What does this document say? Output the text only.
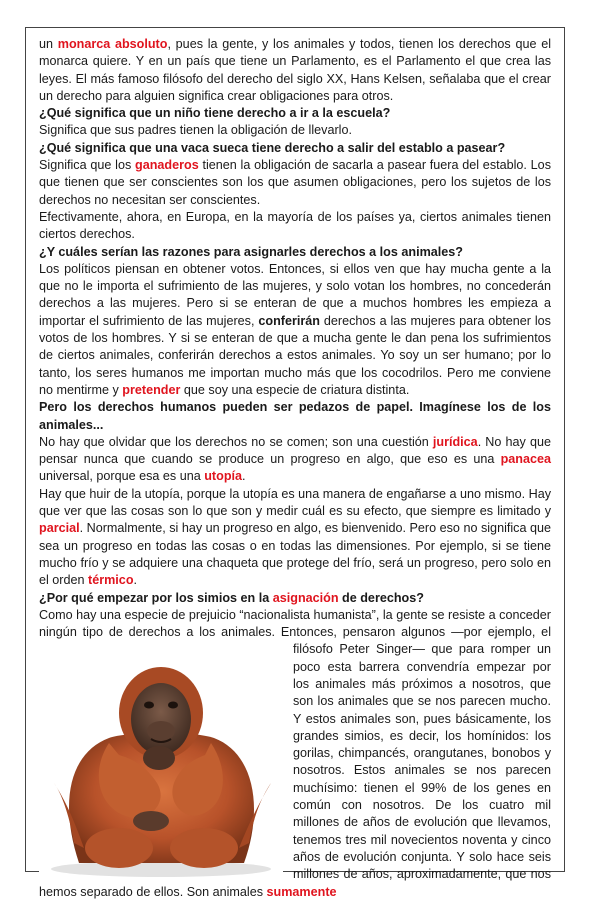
un monarca absoluto, pues la gente, y los animales y todos, tienen los derechos que el monarca quiere. Y en un país que tiene un Parlamento, es el Parlamento el que crea las leyes. El más famoso filósofo del derecho del siglo XX, Hans Kelsen, señalaba que el crear un derecho para alguien significa crear obligaciones para otros.

¿Qué significa que un niño tiene derecho a ir a la escuela?

Significa que sus padres tienen la obligación de llevarlo.

¿Qué significa que una vaca sueca tiene derecho a salir del establo a pasear?

Significa que los ganaderos tienen la obligación de sacarla a pasear fuera del establo. Los que tienen que ser conscientes son los que asumen obligaciones, pero los sujetos de los derechos no necesitan ser conscientes.

Efectivamente, ahora, en Europa, en la mayoría de los países ya, ciertos animales tienen ciertos derechos.

¿Y cuáles serían las razones para asignarles derechos a los animales?

Los políticos piensan en obtener votos. Entonces, si ellos ven que hay mucha gente a la que no le importa el sufrimiento de las mujeres, y solo votan los hombres, no concederán derechos a las mujeres. Pero si se enteran de que a muchos hombres les empieza a importar el sufrimiento de las mujeres, conferirán derechos a las mujeres para obtener los votos de los hombres. Y si se enteran de que a mucha gente le dan pena los sufrimientos de ciertos animales, conferirán derechos a estos animales. Yo soy un ser humano; por lo tanto, los seres humanos me importan mucho más que los cocodrilos. Pero me conviene no mentirme y pretender que soy una especie de criatura distinta.

Pero los derechos humanos pueden ser pedazos de papel. Imagínese los de los animales...

No hay que olvidar que los derechos no se comen; son una cuestión jurídica. No hay que pensar nunca que cuando se produce un progreso en algo, que eso es una panacea universal, porque esa es una utopía.

Hay que huir de la utopía, porque la utopía es una manera de engañarse a uno mismo. Hay que ver que las cosas son lo que son y medir cuál es su efecto, que siempre es limitado y parcial. Normalmente, si hay un progreso en algo, es bienvenido. Pero eso no significa que sea un progreso en todas las cosas o en todas las dimensiones. Por ejemplo, si se tiene mucho frío y se adquiere una chaqueta que protege del frío, será un progreso, pero solo en el orden térmico.

¿Por qué empezar por los simios en la asignación de derechos?

Como hay una especie de prejuicio “nacionalista humanista”, la gente se resiste a conceder ningún tipo de derechos a los animales. Entonces, pensaron algunos —por
ejemplo, el filósofo Peter Singer— que para romper un poco esta barrera convendría empezar por los animales más próximos a nosotros, que son los animales que se nos parecen mucho. Y estos animales son, pues básicamente, los grandes simios, es decir, los homínidos: los gorilas, chimpancés, orangutanes, bonobos y nosotros. Estos animales se nos parecen muchísimo: tienen el 99% de los genes en común con nosotros. De los cuatro mil millones de años de evolución que llevamos, tenemos tres mil novecientos noventa y cinco años de evolución conjunta. Y solo hace seis millones de años, aproximadamente, que nos hemos separado de ellos. Son animales sumamente
